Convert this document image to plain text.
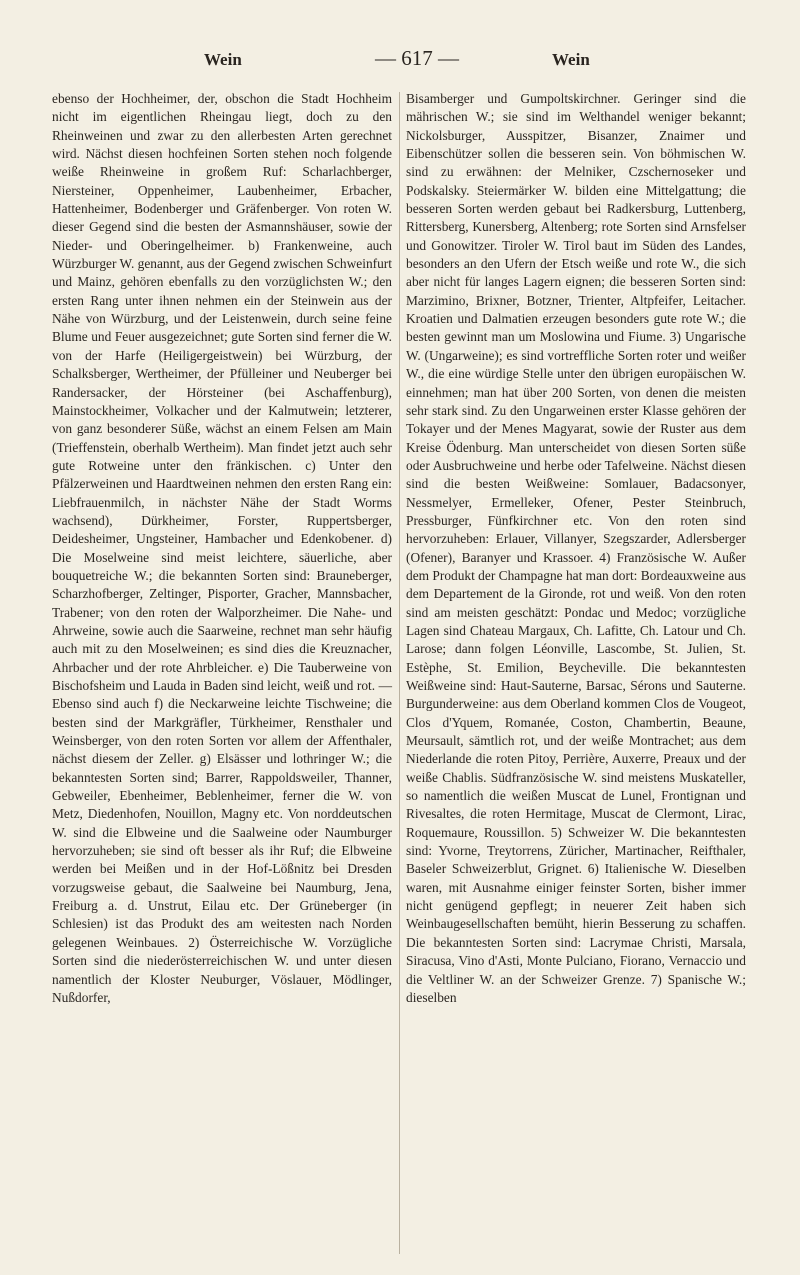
Wein	— 617 —	Wein

ebenso der Hochheimer, der, obschon die Stadt Hochheim nicht im eigentlichen Rheingau liegt, doch zu den Rheinweinen und zwar zu den allerbesten Arten gerechnet wird. Nächst diesen hochfeinen Sorten stehen noch folgende weiße Rheinweine in großem Ruf: Scharlachberger, Niersteiner, Oppenheimer, Laubenheimer, Erbacher, Hattenheimer, Bodenberger und Gräfenberger. Von roten W. dieser Gegend sind die besten der Asmannshäuser, sowie der Nieder- und Oberingelheimer. b) Frankenweine, auch Würzburger W. genannt, aus der Gegend zwischen Schweinfurt und Mainz, gehören ebenfalls zu den vorzüglichsten W.; den ersten Rang unter ihnen nehmen ein der Steinwein aus der Nähe von Würzburg, und der Leistenwein, durch seine feine Blume und Feuer ausgezeichnet; gute Sorten sind ferner die W. von der Harfe (Heiligergeistwein) bei Würzburg, der Schalksberger, Wertheimer, der Pfülleiner und Neuberger bei Randersacker, der Hörsteiner (bei Aschaffenburg), Mainstockheimer, Volkacher und der Kalmutwein; letzterer, von ganz besonderer Süße, wächst an einem Felsen am Main (Trieffenstein, oberhalb Wertheim). Man findet jetzt auch sehr gute Rotweine unter den fränkischen. c) Unter den Pfälzerweinen und Haardtweinen nehmen den ersten Rang ein: Liebfrauenmilch, in nächster Nähe der Stadt Worms wachsend), Dürkheimer, Forster, Ruppertsberger, Deidesheimer, Ungsteiner, Hambacher und Edenkobener. d) Die Moselweine sind meist leichtere, säuerliche, aber bouquetreiche W.; die bekannten Sorten sind: Brauneberger, Scharzhofberger, Zeltinger, Pisporter, Gracher, Mannsbacher, Trabener; von den roten der Walporzheimer. Die Nahe- und Ahrweine, sowie auch die Saarweine, rechnet man sehr häufig auch mit zu den Moselweinen; es sind dies die Kreuznacher, Ahrbacher und der rote Ahrbleicher. e) Die Tauberweine von Bischofsheim und Lauda in Baden sind leicht, weiß und rot. — Ebenso sind auch f) die Neckarweine leichte Tischweine; die besten sind der Markgräfler, Türkheimer, Rensthaler und Weinsberger, von den roten Sorten vor allem der Affenthaler, nächst diesem der Zeller. g) Elsässer und lothringer W.; die bekanntesten Sorten sind; Barrer, Rappoldsweiler, Thanner, Gebweiler, Ebenheimer, Beblenheimer, ferner die W. von Metz, Diedenhofen, Nouillon, Magny etc. Von norddeutschen W. sind die Elbweine und die Saalweine oder Naumburger hervorzuheben; sie sind oft besser als ihr Ruf; die Elbweine werden bei Meißen und in der Hof-Lößnitz bei Dresden vorzugsweise gebaut, die Saalweine bei Naumburg, Jena, Freiburg a. d. Unstrut, Eilau etc. Der Grüneberger (in Schlesien) ist das Produkt des am weitesten nach Norden gelegenen Weinbaues. 2) Österreichische W. Vorzügliche Sorten sind die niederösterreichischen W. und unter diesen namentlich der Kloster Neuburger, Vöslauer, Mödlinger, Nußdorfer,

Bisamberger und Gumpoltskirchner. Geringer sind die mährischen W.; sie sind im Welthandel weniger bekannt; Nickolsburger, Ausspitzer, Bisanzer, Znaimer und Eibenschützer sollen die besseren sein. Von böhmischen W. sind zu erwähnen: der Melniker, Czschernoseker und Podskalsky. Steiermärker W. bilden eine Mittelgattung; die besseren Sorten werden gebaut bei Radkersburg, Luttenberg, Rittersberg, Kunersberg, Altenberg; rote Sorten sind Arnsfelser und Gonowitzer. Tiroler W. Tirol baut im Süden des Landes, besonders an den Ufern der Etsch weiße und rote W., die sich aber nicht für langes Lagern eignen; die besseren Sorten sind: Marzimino, Brixner, Botzner, Trienter, Altpfeifer, Leitacher. Kroatien und Dalmatien erzeugen besonders gute rote W.; die besten gewinnt man um Moslowina und Fiume. 3) Ungarische W. (Ungarweine); es sind vortreffliche Sorten roter und weißer W., die eine würdige Stelle unter den übrigen europäischen W. einnehmen; man hat über 200 Sorten, von denen die meisten sehr stark sind. Zu den Ungarweinen erster Klasse gehören der Tokayer und der Menes Magyarat, sowie der Ruster aus dem Kreise Ödenburg. Man unterscheidet von diesen Sorten süße oder Ausbruchweine und herbe oder Tafelweine. Nächst diesen sind die besten Weißweine: Somlauer, Badacsonyer, Nessmelyer, Ermelleker, Ofener, Pester Steinbruch, Pressburger, Fünfkirchner etc. Von den roten sind hervorzuheben: Erlauer, Villanyer, Szegszarder, Adlersberger (Ofener), Baranyer und Krassoer. 4) Französische W. Außer dem Produkt der Champagne hat man dort: Bordeauxweine aus dem Departement de la Gironde, rot und weiß. Von den roten sind am meisten geschätzt: Pondac und Medoc; vorzügliche Lagen sind Chateau Margaux, Ch. Lafitte, Ch. Latour und Ch. Larose; dann folgen Léonville, Lascombe, St. Julien, St. Estèphe, St. Emilion, Beycheville. Die bekanntesten Weißweine sind: Haut-Sauterne, Barsac, Sérons und Sauterne. Burgunderweine: aus dem Oberland kommen Clos de Vougeot, Clos d'Yquem, Romanée, Coston, Chambertin, Beaune, Meursault, sämtlich rot, und der weiße Montrachet; aus dem Niederlande die roten Pitoy, Perrière, Auxerre, Preaux und der weiße Chablis. Südfranzösische W. sind meistens Muskateller, so namentlich die weißen Muscat de Lunel, Frontignan und Rivesaltes, die roten Hermitage, Muscat de Clermont, Lirac, Roquemaure, Roussillon. 5) Schweizer W. Die bekanntesten sind: Yvorne, Treytorrens, Züricher, Martinacher, Reifthaler, Baseler Schweizerblut, Grignet. 6) Italienische W. Dieselben waren, mit Ausnahme einiger feinster Sorten, bisher immer nicht genügend gepflegt; in neuerer Zeit haben sich Weinbaugesellschaften bemüht, hierin Besserung zu schaffen. Die bekanntesten Sorten sind: Lacrymae Christi, Marsala, Siracusa, Vino d'Asti, Monte Pulciano, Fiorano, Vernaccio und die Veltliner W. an der Schweizer Grenze. 7) Spanische W.; dieselben
